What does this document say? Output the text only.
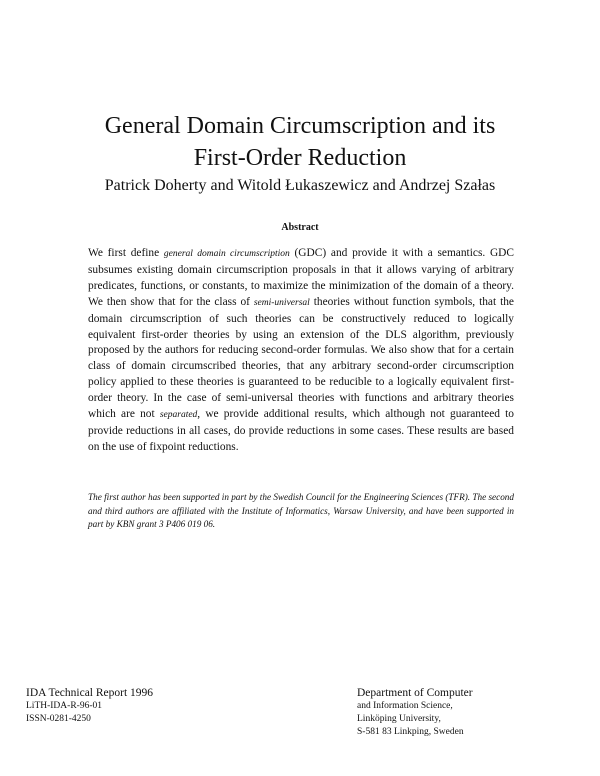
General Domain Circumscription and its
First-Order Reduction
Patrick Doherty and Witold Łukaszewicz and Andrzej Szałas
Abstract

We first define general domain circumscription (GDC) and provide it with a semantics. GDC subsumes existing domain circumscription proposals in that it allows varying of arbitrary predicates, functions, or constants, to maximize the minimization of the domain of a theory. We then show that for the class of semi-universal theories without function symbols, that the domain circumscription of such theories can be constructively reduced to logically equivalent first-order theories by using an extension of the DLS algorithm, previously proposed by the authors for reducing second-order formulas. We also show that for a certain class of domain circumscribed theories, that any arbitrary second-order circumscription policy applied to these theories is guaranteed to be reducible to a logically equivalent first-order theory. In the case of semi-universal theories with functions and arbitrary theories which are not separated, we provide additional results, which although not guaranteed to provide reductions in all cases, do provide reductions in some cases. These results are based on the use of fixpoint reductions.

The first author has been supported in part by the Swedish Council for the Engineering Sciences (TFR). The second and third authors are affiliated with the Institute of Informatics, Warsaw University, and have been supported in part by KBN grant 3 P406 019 06.

IDA Technical Report 1996
LiTH-IDA-R-96-01
ISSN-0281-4250
Department of Computer
and Information Science,
Linköping University,
S-581 83 Linkping, Sweden
